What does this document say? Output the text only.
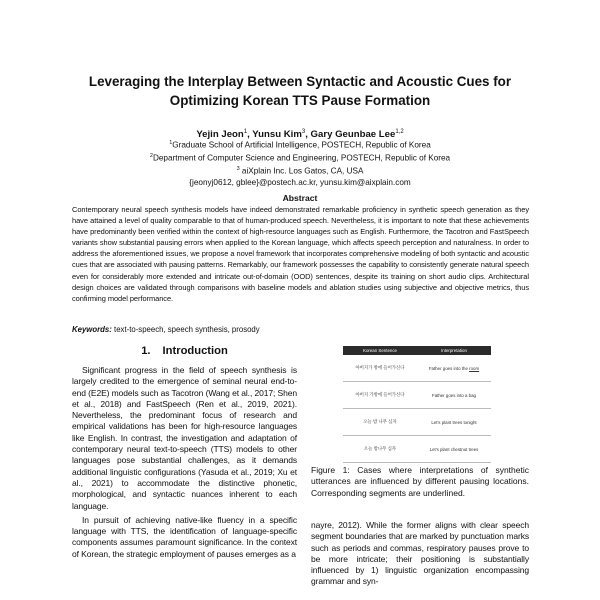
Leveraging the Interplay Between Syntactic and Acoustic Cues for
Optimizing Korean TTS Pause Formation
Yejin Jeon$^1$, Yunsu Kim$^3$, Gary Geunbae Lee$^{1,2}$
$^1$Graduate School of Artificial Intelligence, POSTECH, Republic of Korea
$^2$Department of Computer Science and Engineering, POSTECH, Republic of Korea
$^3$ aiXplain Inc. Los Gatos, CA, USA
{jeonyj0612, gblee}@postech.ac.kr, yunsu.kim@aixplain.com
Abstract
Contemporary neural speech synthesis models have indeed demonstrated remarkable proficiency in synthetic speech generation as they have attained a level of quality comparable to that of human-produced speech. Nevertheless, it is important to note that these achievements have predominantly been verified within the context of high-resource languages such as English. Furthermore, the Tacotron and FastSpeech variants show substantial pausing errors when applied to the Korean language, which affects speech perception and naturalness. In order to address the aforementioned issues, we propose a novel framework that incorporates comprehensive modeling of both syntactic and acoustic cues that are associated with pausing patterns. Remarkably, our framework possesses the capability to consistently generate natural speech even for considerably more extended and intricate out-of-domain (OOD) sentences, despite its training on short audio clips. Architectural design choices are validated through comparisons with baseline models and ablation studies using subjective and objective metrics, thus confirming model performance.
Keywords: text-to-speech, speech synthesis, prosody
1. Introduction

Significant progress in the field of speech synthesis is largely credited to the emergence of seminal neural end-to-end (E2E) models such as Tacotron (Wang et al., 2017; Shen et al., 2018) and FastSpeech (Ren et al., 2019, 2021). Nevertheless, the predominant focus of research and empirical validations has been for high-resource languages like English. In contrast, the investigation and adaptation of contemporary neural text-to-speech (TTS) models to other languages pose substantial challenges, as it demands additional linguistic configurations (Yasuda et al., 2019; Xu et al., 2021) to accommodate the distinctive phonetic, morphological, and syntactic nuances inherent to each language.

In pursuit of achieving native-like fluency in a specific language with TTS, the identification of language-specific components assumes paramount significance. In the context of Korean, the strategic employment of pauses emerges as a

Korean Sentence	Interpretation
아버지가 방에 들어가신다	Father goes into the room
아버지 가방에 들어가신다	Father goes into a bag
오늘 밤 나무 심자	Let's plant trees tonight
오늘 밤나무 심자	Let's plant chestnut trees
Figure 1: Cases where interpretations of synthetic utterances are influenced by different pausing locations. Corresponding segments are underlined.
nayre, 2012). While the former aligns with clear speech segment boundaries that are marked by punctuation marks such as periods and commas, respiratory pauses prove to be more intricate; their positioning is substantially influenced by 1) linguistic organization encompassing grammar and syn-
